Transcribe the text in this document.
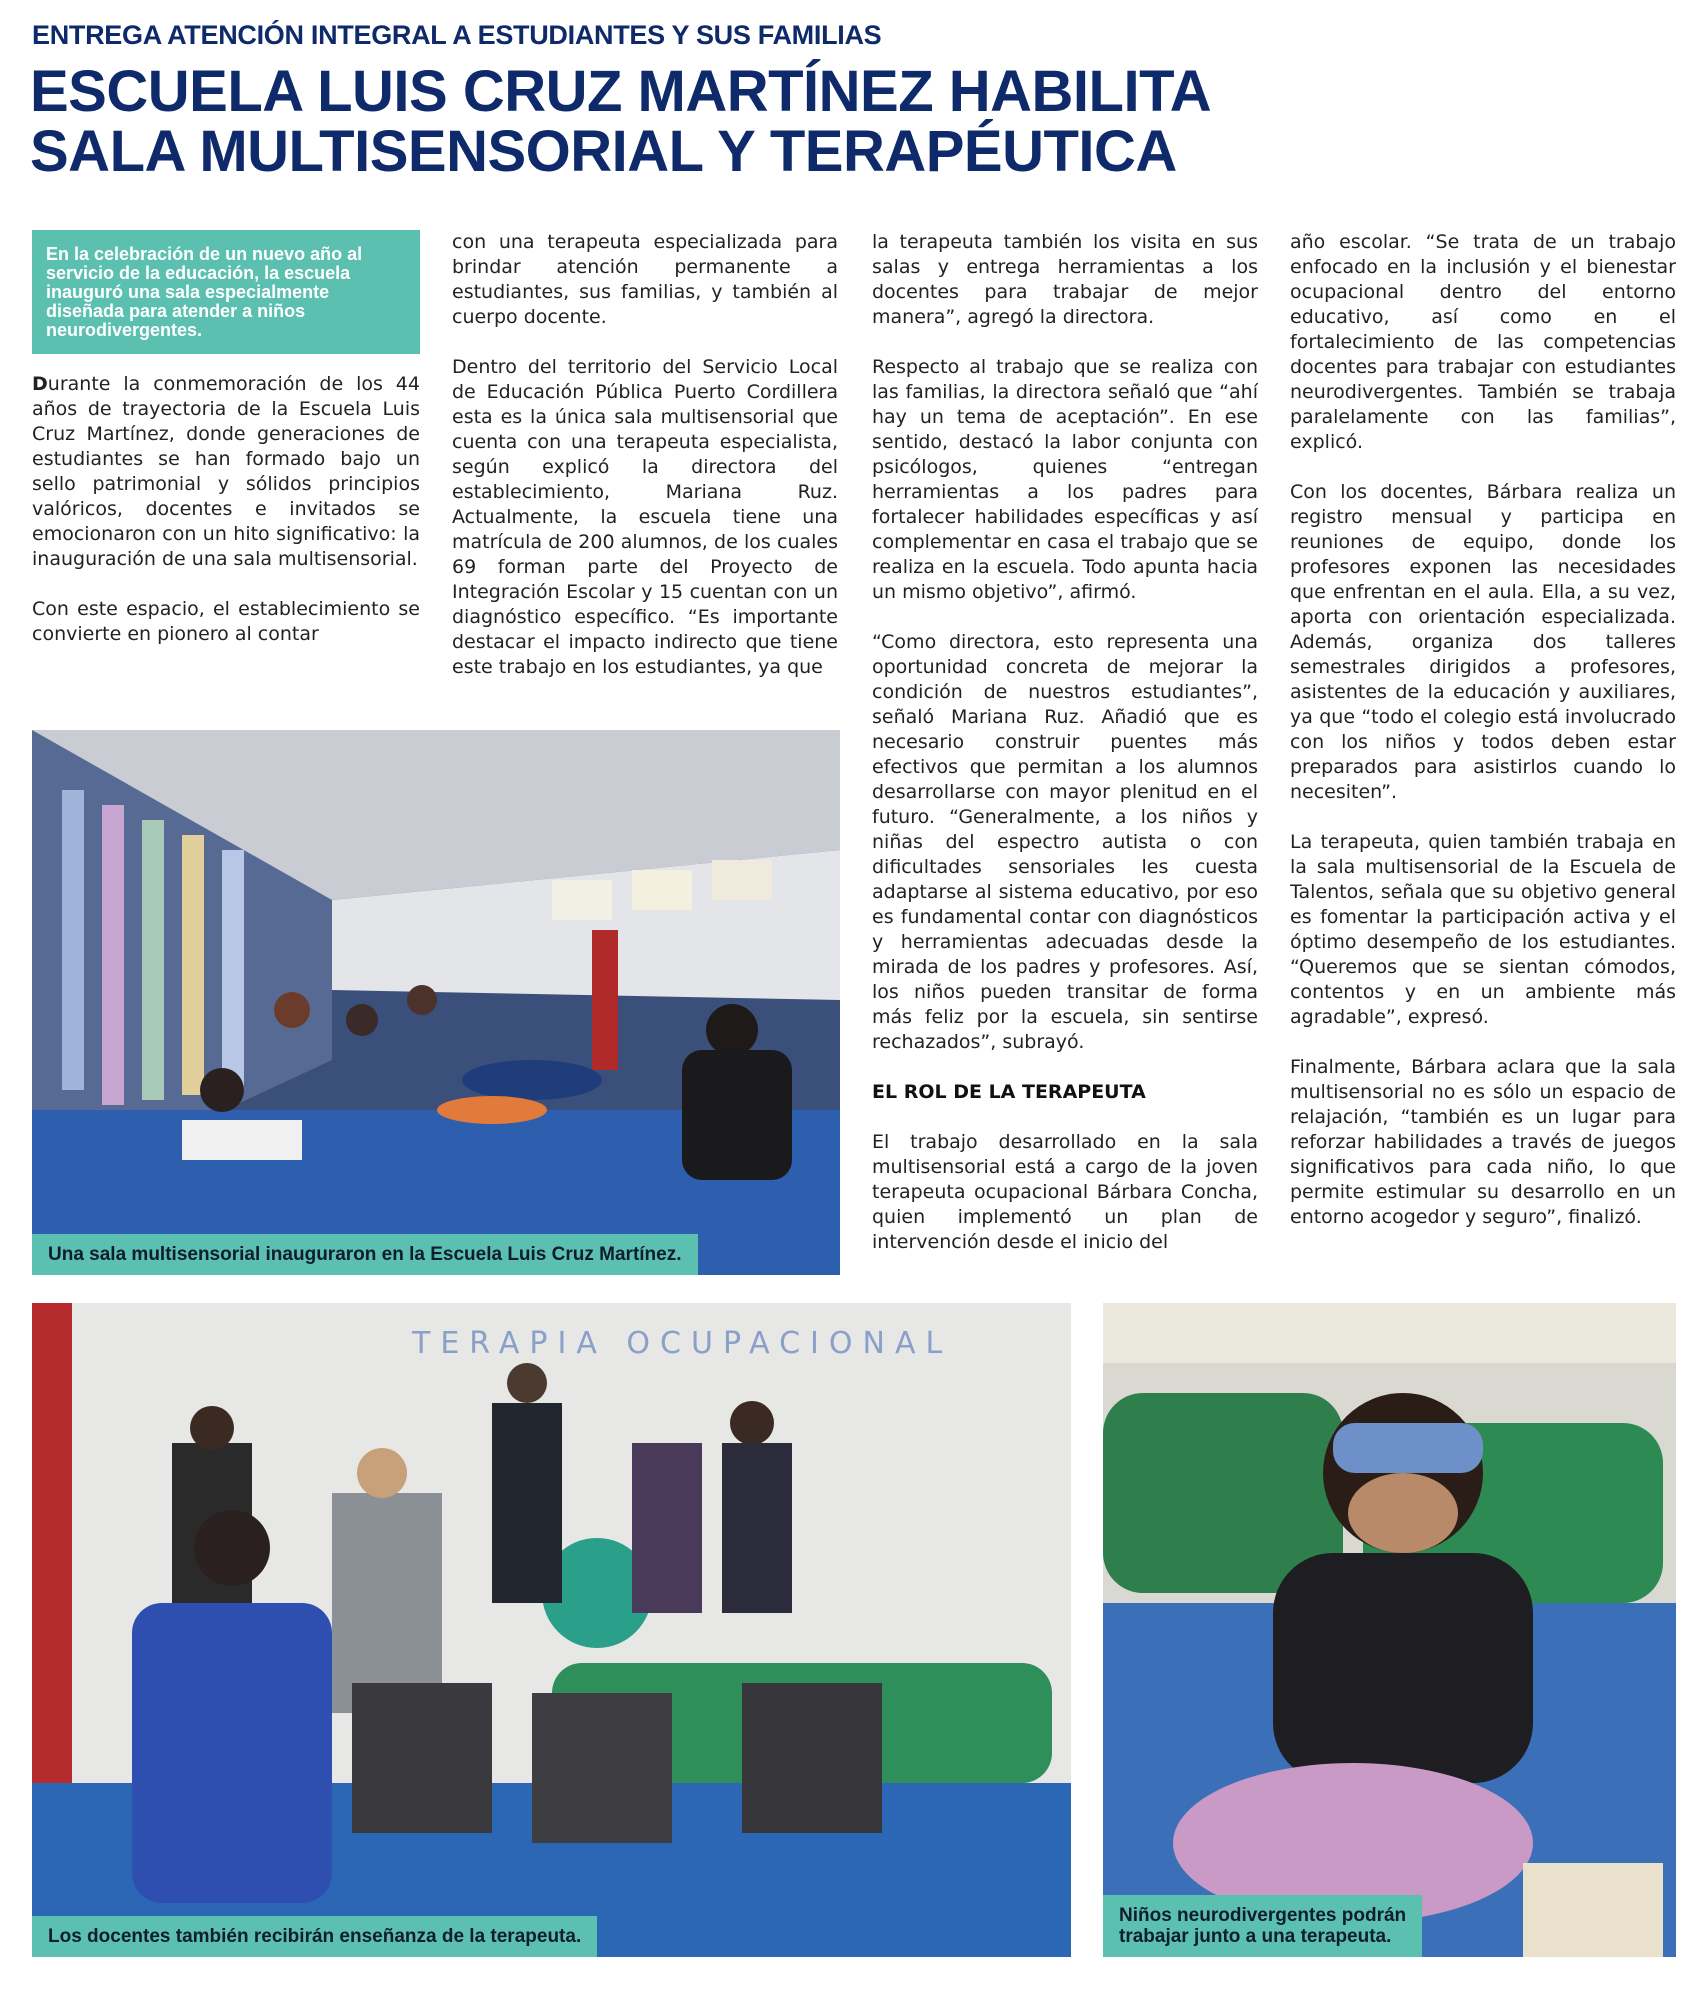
ENTREGA ATENCIÓN INTEGRAL A ESTUDIANTES Y SUS FAMILIAS
ESCUELA LUIS CRUZ MARTÍNEZ HABILITA
SALA MULTISENSORIAL Y TERAPÉUTICA
En la celebración de un nuevo año al servicio de la educación, la escuela inauguró una sala especialmente diseñada para atender a niños neurodivergentes.

Durante la conmemoración de los 44 años de trayectoria de la Escuela Luis Cruz Martínez, donde generaciones de estudiantes se han formado bajo un sello patrimonial y sólidos principios valóricos, docentes e invitados se emocionaron con un hito significativo: la inauguración de una sala multisensorial.

Con este espacio, el establecimiento se convierte en pionero al contar

con una terapeuta especializada para brindar atención permanente a estudiantes, sus familias, y también al cuerpo docente.

Dentro del territorio del Servicio Local de Educación Pública Puerto Cordillera esta es la única sala multisensorial que cuenta con una terapeuta especialista, según explicó la directora del establecimiento, Mariana Ruz. Actualmente, la escuela tiene una matrícula de 200 alumnos, de los cuales 69 forman parte del Proyecto de Integración Escolar y 15 cuentan con un diagnóstico específico. “Es importante destacar el impacto indirecto que tiene este trabajo en los estudiantes, ya que

la terapeuta también los visita en sus salas y entrega herramientas a los docentes para trabajar de mejor manera”, agregó la directora.

Respecto al trabajo que se realiza con las familias, la directora señaló que “ahí hay un tema de aceptación”. En ese sentido, destacó la labor conjunta con psicólogos, quienes “entregan herramientas a los padres para fortalecer habilidades específicas y así complementar en casa el trabajo que se realiza en la escuela. Todo apunta hacia un mismo objetivo”, afirmó.

“Como directora, esto representa una oportunidad concreta de mejorar la condición de nuestros estudiantes”, señaló Mariana Ruz. Añadió que es necesario construir puentes más efectivos que permitan a los alumnos desarrollarse con mayor plenitud en el futuro. “Generalmente, a los niños y niñas del espectro autista o con dificultades sensoriales les cuesta adaptarse al sistema educativo, por eso es fundamental contar con diagnósticos y herramientas adecuadas desde la mirada de los padres y profesores. Así, los niños pueden transitar de forma más feliz por la escuela, sin sentirse rechazados”, subrayó.

EL ROL DE LA TERAPEUTA

El trabajo desarrollado en la sala multisensorial está a cargo de la joven terapeuta ocupacional Bárbara Concha, quien implementó un plan de intervención desde el inicio del

año escolar. “Se trata de un trabajo enfocado en la inclusión y el bienestar ocupacional dentro del entorno educativo, así como en el fortalecimiento de las competencias docentes para trabajar con estudiantes neurodivergentes. También se trabaja paralelamente con las familias”, explicó.

Con los docentes, Bárbara realiza un registro mensual y participa en reuniones de equipo, donde los profesores exponen las necesidades que enfrentan en el aula. Ella, a su vez, aporta con orientación especializada. Además, organiza dos talleres semestrales dirigidos a profesores, asistentes de la educación y auxiliares, ya que “todo el colegio está involucrado con los niños y todos deben estar preparados para asistirlos cuando lo necesiten”.

La terapeuta, quien también trabaja en la sala multisensorial de la Escuela de Talentos, señala que su objetivo general es fomentar la participación activa y el óptimo desempeño de los estudiantes. “Queremos que se sientan cómodos, contentos y en un ambiente más agradable”, expresó.

Finalmente, Bárbara aclara que la sala multisensorial no es sólo un espacio de relajación, “también es un lugar para reforzar habilidades a través de juegos significativos para cada niño, lo que permite estimular su desarrollo en un entorno acogedor y seguro”, finalizó.

Una sala multisensorial inauguraron en la Escuela Luis Cruz Martínez.
TERAPIA OCUPACIONAL
Los docentes también recibirán enseñanza de la terapeuta.
Niños neurodivergentes podrán
trabajar junto a una terapeuta.
